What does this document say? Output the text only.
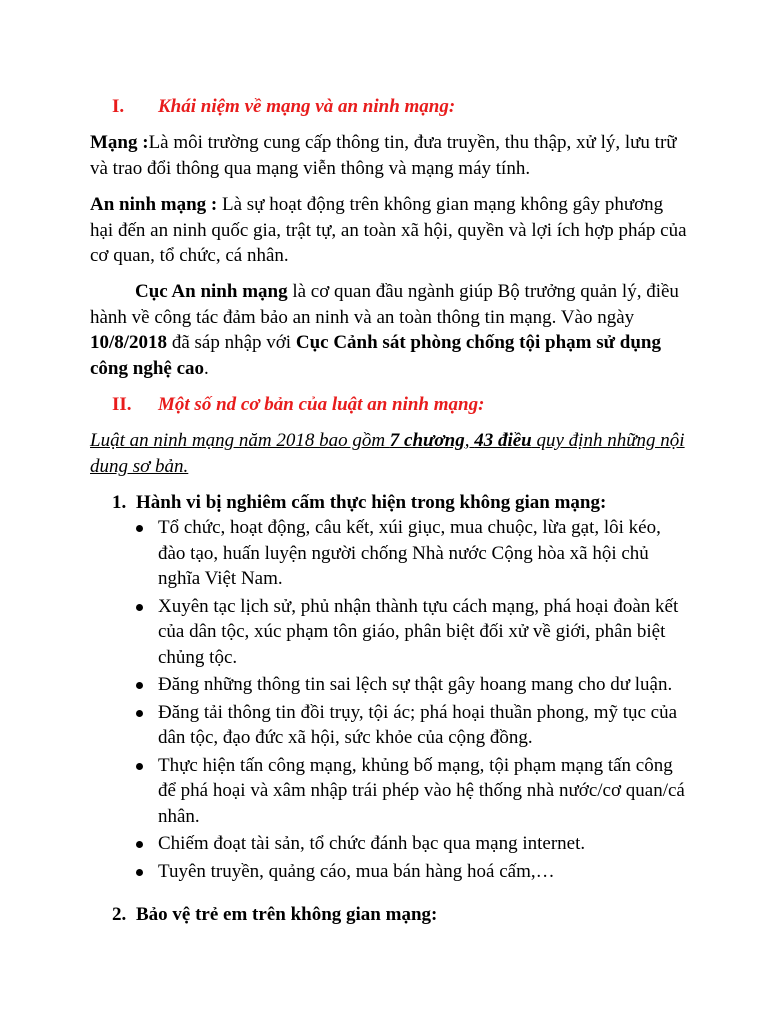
I. Khái niệm về mạng và an ninh mạng:

Mạng :Là môi trường cung cấp thông tin, đưa truyền, thu thập, xử lý, lưu trữ và trao đổi thông qua mạng viễn thông và mạng máy tính.

An ninh mạng : Là sự hoạt động trên không gian mạng không gây phương hại đến an ninh quốc gia, trật tự, an toàn xã hội, quyền và lợi ích hợp pháp của cơ quan, tổ chức, cá nhân.

Cục An ninh mạng là cơ quan đầu ngành giúp Bộ trưởng quản lý, điều hành về công tác đảm bảo an ninh và an toàn thông tin mạng. Vào ngày 10/8/2018 đã sáp nhập với Cục Cảnh sát phòng chống tội phạm sử dụng công nghệ cao.

II. Một số nd cơ bản của luật an ninh mạng:

Luật an ninh mạng năm 2018 bao gồm 7 chương, 43 điều quy định những nội dung sơ bản.

1. Hành vi bị nghiêm cấm thực hiện trong không gian mạng:
Tổ chức, hoạt động, câu kết, xúi giục, mua chuộc, lừa gạt, lôi kéo, đào tạo, huấn luyện người chống Nhà nước Cộng hòa xã hội chủ nghĩa Việt Nam.
Xuyên tạc lịch sử, phủ nhận thành tựu cách mạng, phá hoại đoàn kết của dân tộc, xúc phạm tôn giáo, phân biệt đối xử về giới, phân biệt chủng tộc.
Đăng những thông tin sai lệch sự thật gây hoang mang cho dư luận.
Đăng tải thông tin đồi trụy, tội ác; phá hoại thuần phong, mỹ tục của dân tộc, đạo đức xã hội, sức khỏe của cộng đồng.
Thực hiện tấn công mạng, khủng bố mạng, tội phạm mạng tấn công để phá hoại và xâm nhập trái phép vào hệ thống nhà nước/cơ quan/cá nhân.
Chiếm đoạt tài sản, tổ chức đánh bạc qua mạng internet.
Tuyên truyền, quảng cáo, mua bán hàng hoá cấm,…
2. Bảo vệ trẻ em trên không gian mạng:
